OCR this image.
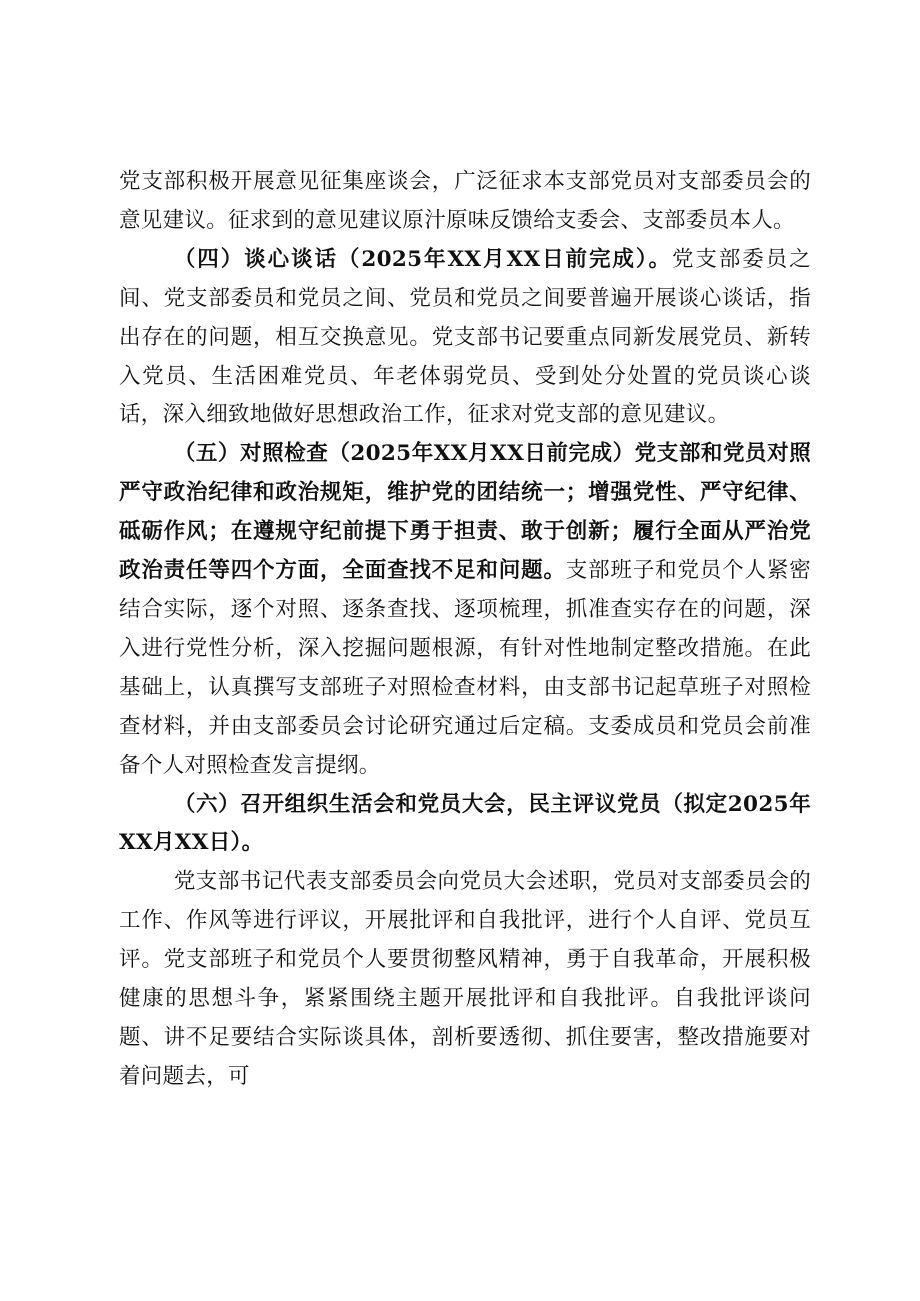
党支部积极开展意见征集座谈会，广泛征求本支部党员对支部委员会的意见建议。征求到的意见建议原汁原味反馈给支委会、支部委员本人。

（四）谈心谈话（2025年XX月XX日前完成）。党支部委员之间、党支部委员和党员之间、党员和党员之间要普遍开展谈心谈话，指出存在的问题，相互交换意见。党支部书记要重点同新发展党员、新转入党员、生活困难党员、年老体弱党员、受到处分处置的党员谈心谈话，深入细致地做好思想政治工作，征求对党支部的意见建议。

（五）对照检查（2025年XX月XX日前完成）党支部和党员对照严守政治纪律和政治规矩，维护党的团结统一；增强党性、严守纪律、砥砺作风；在遵规守纪前提下勇于担责、敢于创新；履行全面从严治党政治责任等四个方面，全面查找不足和问题。支部班子和党员个人紧密结合实际，逐个对照、逐条查找、逐项梳理，抓准查实存在的问题，深入进行党性分析，深入挖掘问题根源，有针对性地制定整改措施。在此基础上，认真撰写支部班子对照检查材料，由支部书记起草班子对照检查材料，并由支部委员会讨论研究通过后定稿。支委成员和党员会前准备个人对照检查发言提纲。

（六）召开组织生活会和党员大会，民主评议党员（拟定2025年XX月XX日）。

党支部书记代表支部委员会向党员大会述职，党员对支部委员会的工作、作风等进行评议，开展批评和自我批评，进行个人自评、党员互评。党支部班子和党员个人要贯彻整风精神，勇于自我革命，开展积极健康的思想斗争，紧紧围绕主题开展批评和自我批评。自我批评谈问题、讲不足要结合实际谈具体，剖析要透彻、抓住要害，整改措施要对着问题去，可
